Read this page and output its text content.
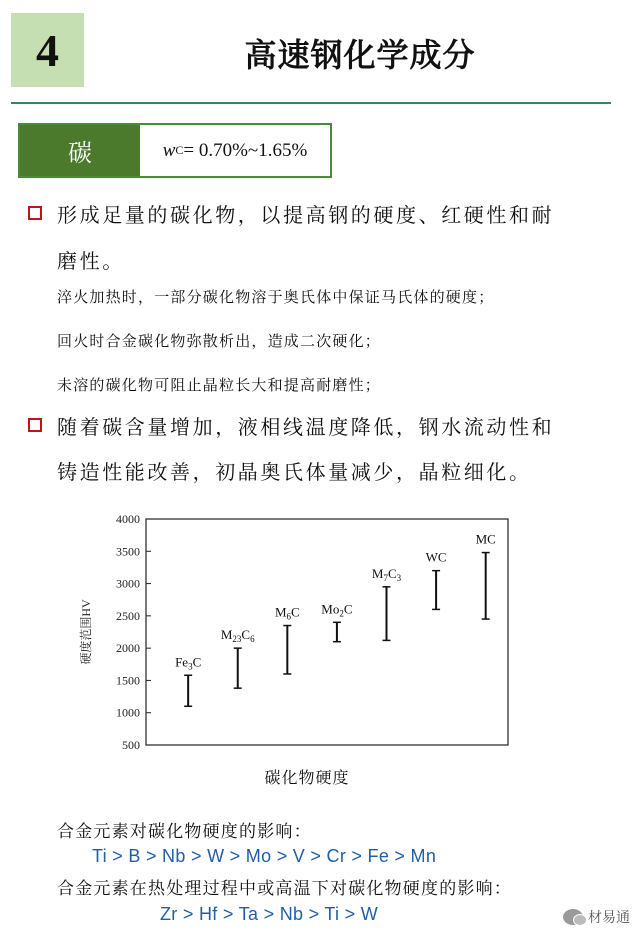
4	高速钢化学成分
碳	w C = 0.70%~1.65%
形成足量的碳化物，以提高钢的硬度、红硬性和耐
磨性。
淬火加热时，一部分碳化物溶于奥氏体中保证马氏体的硬度；
回火时合金碳化物弥散析出，造成二次硬化；
未溶的碳化物可阻止晶粒长大和提高耐磨性；
随着碳含量增加，液相线温度降低，钢水流动性和
铸造性能改善，初晶奥氏体量减少，晶粒细化。
500
1000
1500
2000
2500
3000
3500
4000
硬度范围HV	$Fe_3C$
$M_{23}C_6$
$M_6C$ $Mo_2C$
$M_7C_3$
WC
MC
碳化物硬度
合金元素对碳化物硬度的影响：
Ti > B > Nb > W > Mo > V > Cr > Fe > Mn
合金元素在热处理过程中或高温下对碳化物硬度的影响：
Zr > Hf > Ta > Nb > Ti > W	材易通
